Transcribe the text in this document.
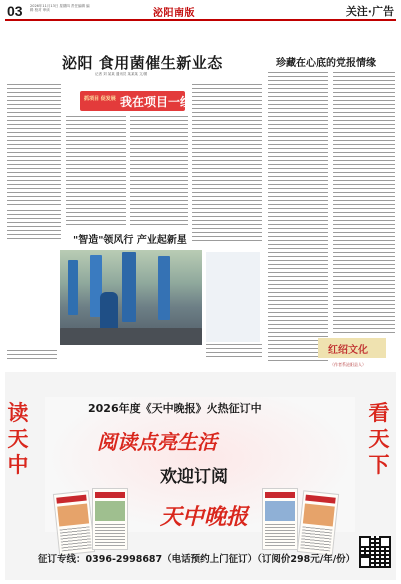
03 2026年11月13日 星期四 责任编辑 编辑 校对 审读	泌阳南版	关注·广告
泌阳 食用菌催生新业态
记者 刘 某某 通讯员 某某某 文/图
抓项目 促发展 我在项目一线
"智造"领风行 产业起新星
珍藏在心底的党报情缘
红绍文化
（作者系泌阳县人）
2026年度《天中晚报》火热征订中
读天中
看天下
阅读点亮生活
欢迎订阅
天中晚报
征订专线：0396-2998687（电话预约上门征订）（订阅价298元/年/份）
